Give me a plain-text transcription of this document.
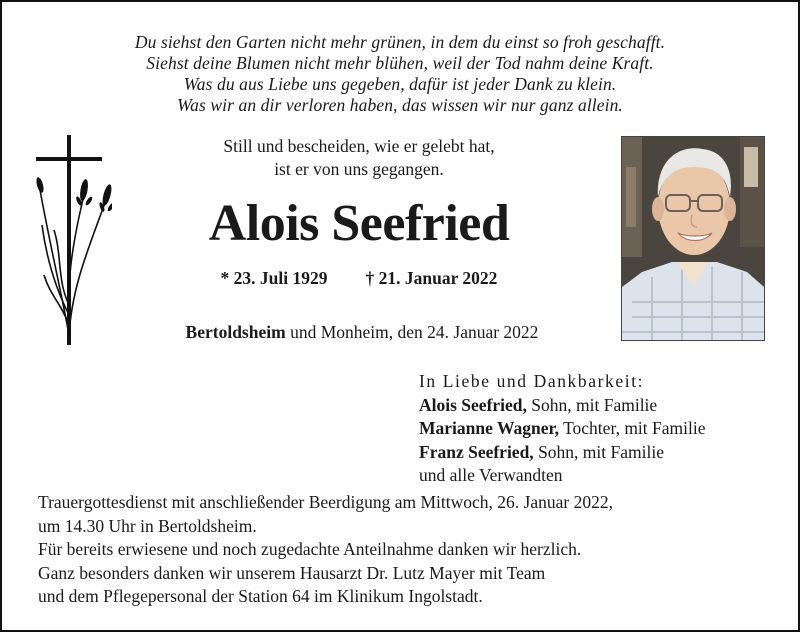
Du siehst den Garten nicht mehr grünen, in dem du einst so froh geschafft.
Siehst deine Blumen nicht mehr blühen, weil der Tod nahm deine Kraft.
Was du aus Liebe uns gegeben, dafür ist jeder Dank zu klein.
Was wir an dir verloren haben, das wissen wir nur ganz allein.
Still und bescheiden, wie er gelebt hat,
ist er von uns gegangen.
Alois Seefried
* 23. Juli 1929 † 21. Januar 2022
Bertoldsheim und Monheim, den 24. Januar 2022
In Liebe und Dankbarkeit:
Alois Seefried, Sohn, mit Familie
Marianne Wagner, Tochter, mit Familie
Franz Seefried, Sohn, mit Familie
und alle Verwandten
Trauergottesdienst mit anschließender Beerdigung am Mittwoch, 26. Januar 2022,
um 14.30 Uhr in Bertoldsheim.
Für bereits erwiesene und noch zugedachte Anteilnahme danken wir herzlich.
Ganz besonders danken wir unserem Hausarzt Dr. Lutz Mayer mit Team
und dem Pflegepersonal der Station 64 im Klinikum Ingolstadt.
